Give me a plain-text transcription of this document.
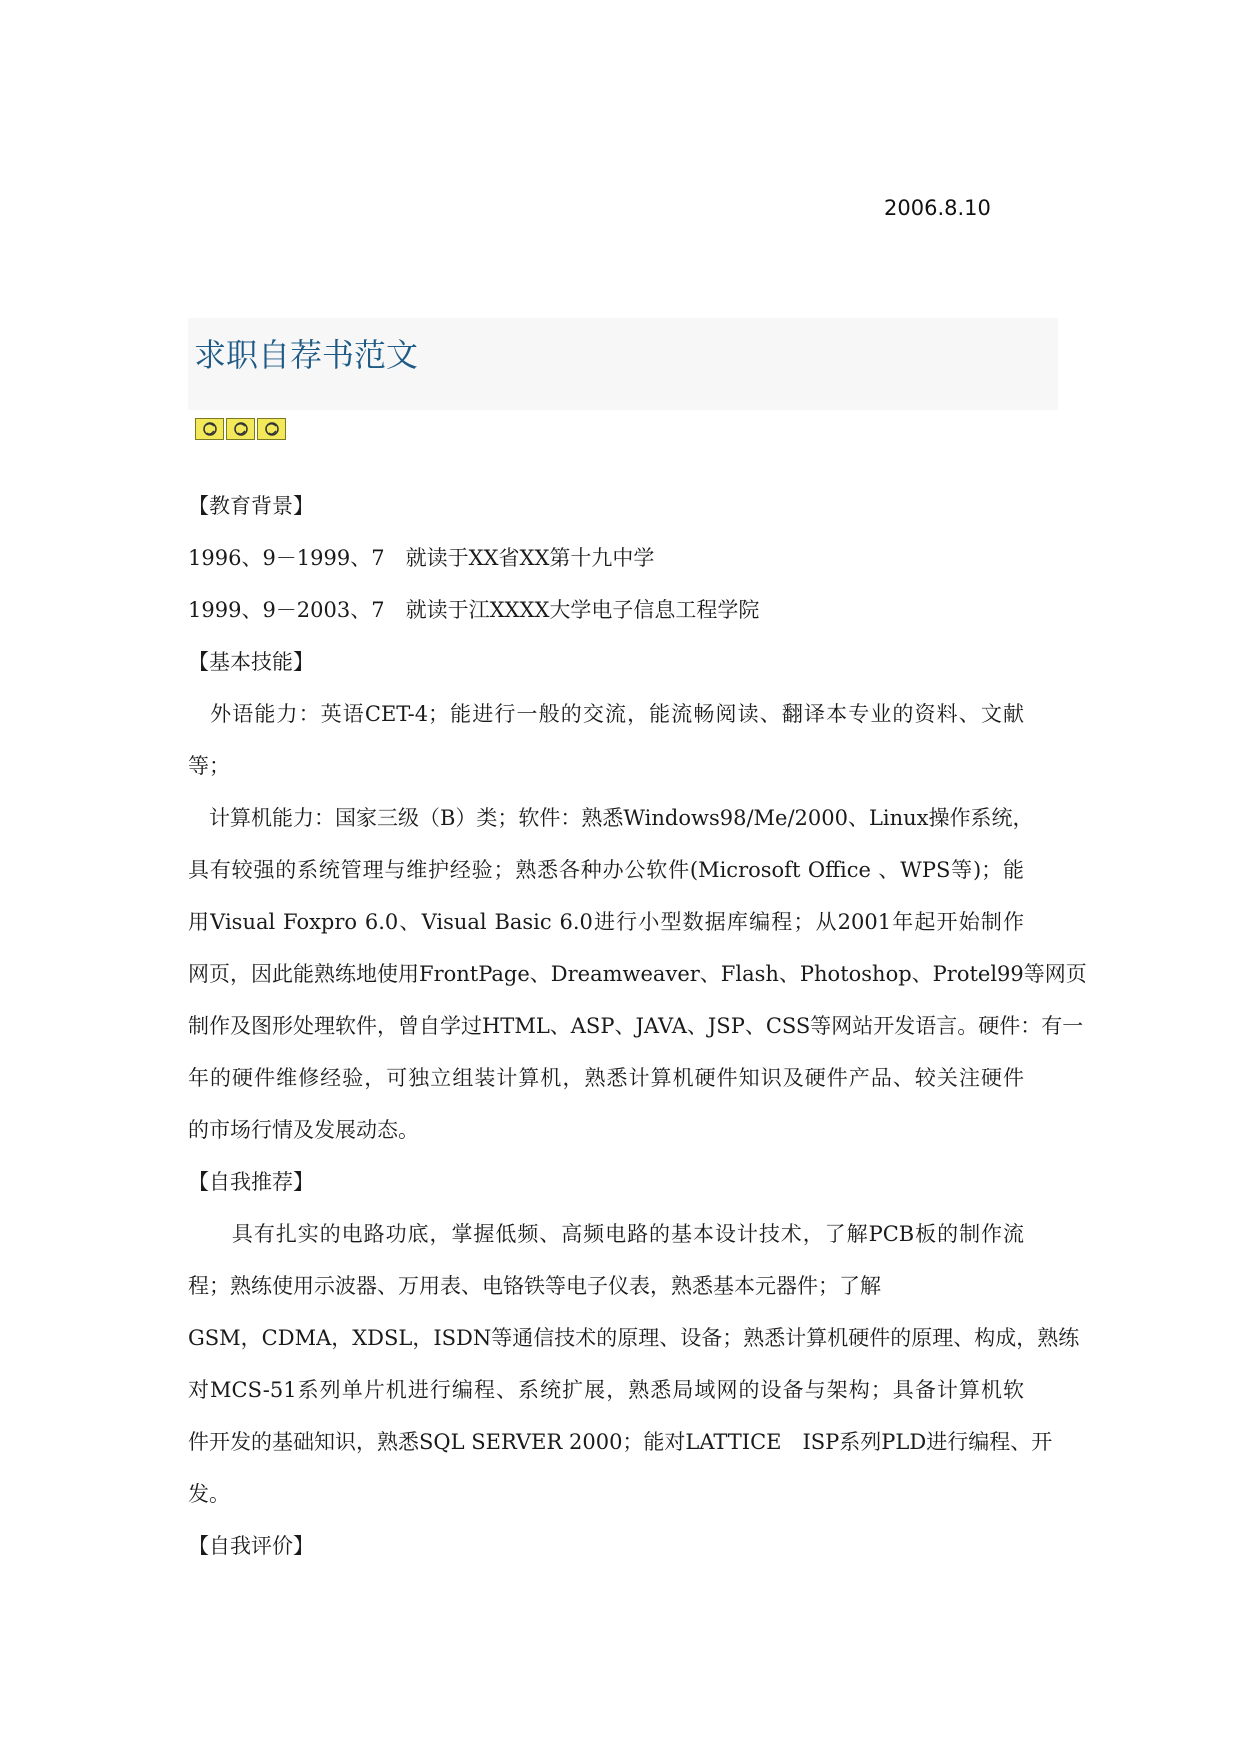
2006.8.10
求职自荐书范文
【教育背景】
1996、9－1999、7　就读于XX省XX第十九中学
1999、9－2003、7　就读于江XXXX大学电子信息工程学院
【基本技能】
　外语能力：英语CET-4；能进行一般的交流，能流畅阅读、翻译本专业的资料、文献
等；
　计算机能力：国家三级（B）类；软件：熟悉Windows98/Me/2000、Linux操作系统，
具有较强的系统管理与维护经验；熟悉各种办公软件(Microsoft Office 、WPS等)；能
用Visual Foxpro 6.0、Visual Basic 6.0进行小型数据库编程；从2001年起开始制作
网页，因此能熟练地使用FrontPage、Dreamweaver、Flash、Photoshop、Protel99等网页
制作及图形处理软件，曾自学过HTML、ASP、JAVA、JSP、CSS等网站开发语言。硬件：有一
年的硬件维修经验，可独立组装计算机，熟悉计算机硬件知识及硬件产品、较关注硬件
的市场行情及发展动态。
【自我推荐】
　　具有扎实的电路功底，掌握低频、高频电路的基本设计技术，了解PCB板的制作流
程；熟练使用示波器、万用表、电铬铁等电子仪表，熟悉基本元器件；了解
GSM，CDMA，XDSL，ISDN等通信技术的原理、设备；熟悉计算机硬件的原理、构成，熟练
对MCS-51系列单片机进行编程、系统扩展，熟悉局域网的设备与架构；具备计算机软
件开发的基础知识，熟悉SQL SERVER 2000；能对LATTICE　ISP系列PLD进行编程、开
发。
【自我评价】
